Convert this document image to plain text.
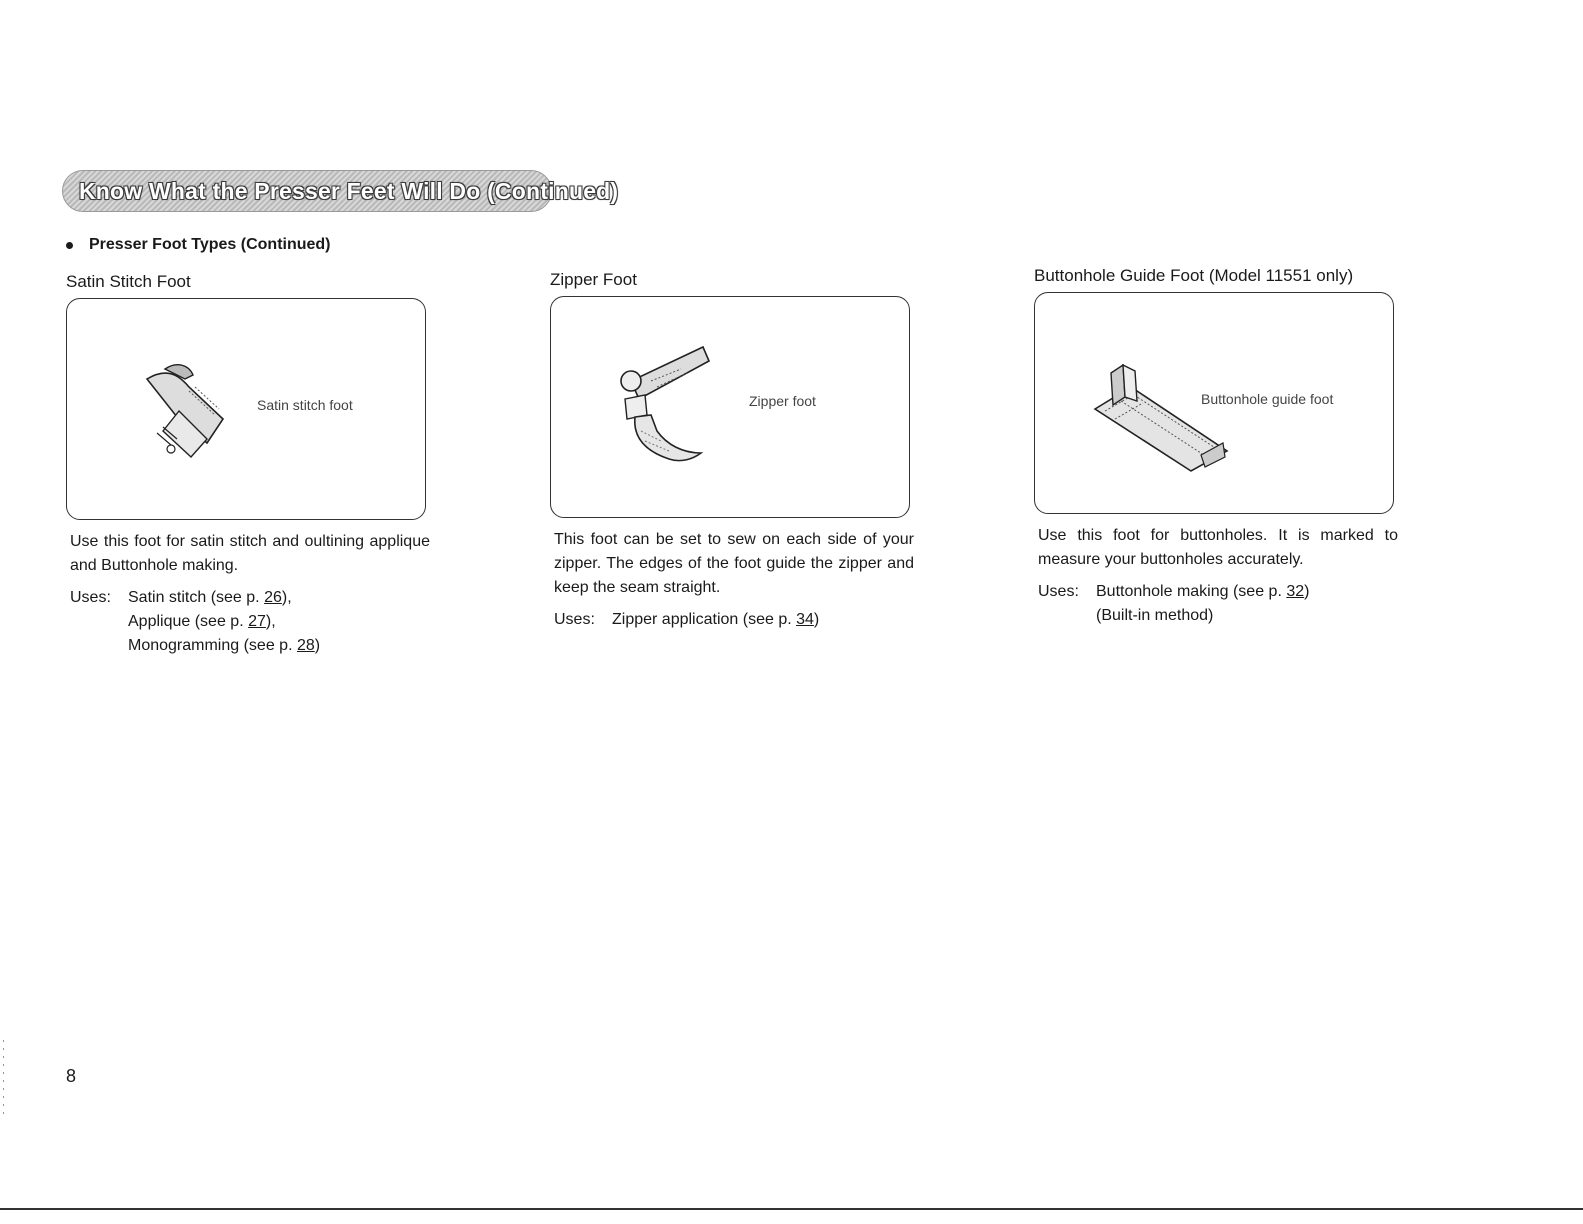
Know What the Presser Feet Will Do (Continued)
Presser Foot Types (Continued)
Satin Stitch Foot
Satin stitch foot
Use this foot for satin stitch and oultining applique and Buttonhole making.
Uses:	Satin stitch (see p. 26),
Applique (see p. 27),
Monogramming (see p. 28)
Zipper Foot
Zipper foot
This foot can be set to sew on each side of your zipper. The edges of the foot guide the zipper and keep the seam straight.
Uses:	Zipper application (see p. 34)
Buttonhole Guide Foot (Model 11551 only)
Buttonhole guide foot
Use this foot for buttonholes. It is marked to measure your buttonholes accurately.
Uses:	Buttonhole making (see p. 32)
(Built-in method)
8
